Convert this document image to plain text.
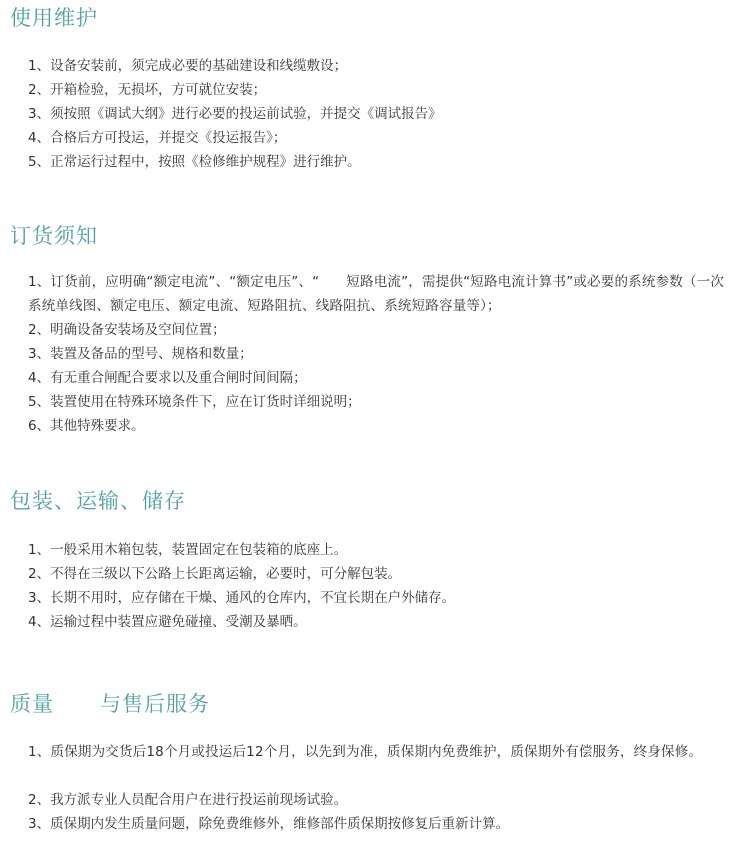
使用维护

1、设备安装前，须完成必要的基础建设和线缆敷设；

2、开箱检验，无损坏，方可就位安装；

3、须按照《调试大纲》进行必要的投运前试验，并提交《调试报告》

4、合格后方可投运，并提交《投运报告》；

5、正常运行过程中，按照《检修维护规程》进行维护。

订货须知

1、订货前，应明确“额定电流”、“额定电压”、“      短路电流”，需提供“短路电流计算书”或必要的系统参数（一次系统单线图、额定电压、额定电流、短路阻抗、线路阻抗、系统短路容量等）；

2、明确设备安装场及空间位置；

3、装置及备品的型号、规格和数量；

4、有无重合闸配合要求以及重合闸时间间隔；

5、装置使用在特殊环境条件下，应在订货时详细说明；

6、其他特殊要求。

包装、运输、储存

1、一般采用木箱包装，装置固定在包装箱的底座上。

2、不得在三级以下公路上长距离运输，必要时，可分解包装。

3、长期不用时，应存储在干燥、通风的仓库内，不宜长期在户外储存。

4、运输过程中装置应避免碰撞、受潮及暴晒。

质量      与售后服务

1、质保期为交货后18个月或投运后12个月，以先到为准，质保期内免费维护，质保期外有偿服务，终身保修。

2、我方派专业人员配合用户在进行投运前现场试验。

3、质保期内发生质量问题，除免费维修外，维修部件质保期按修复后重新计算。
